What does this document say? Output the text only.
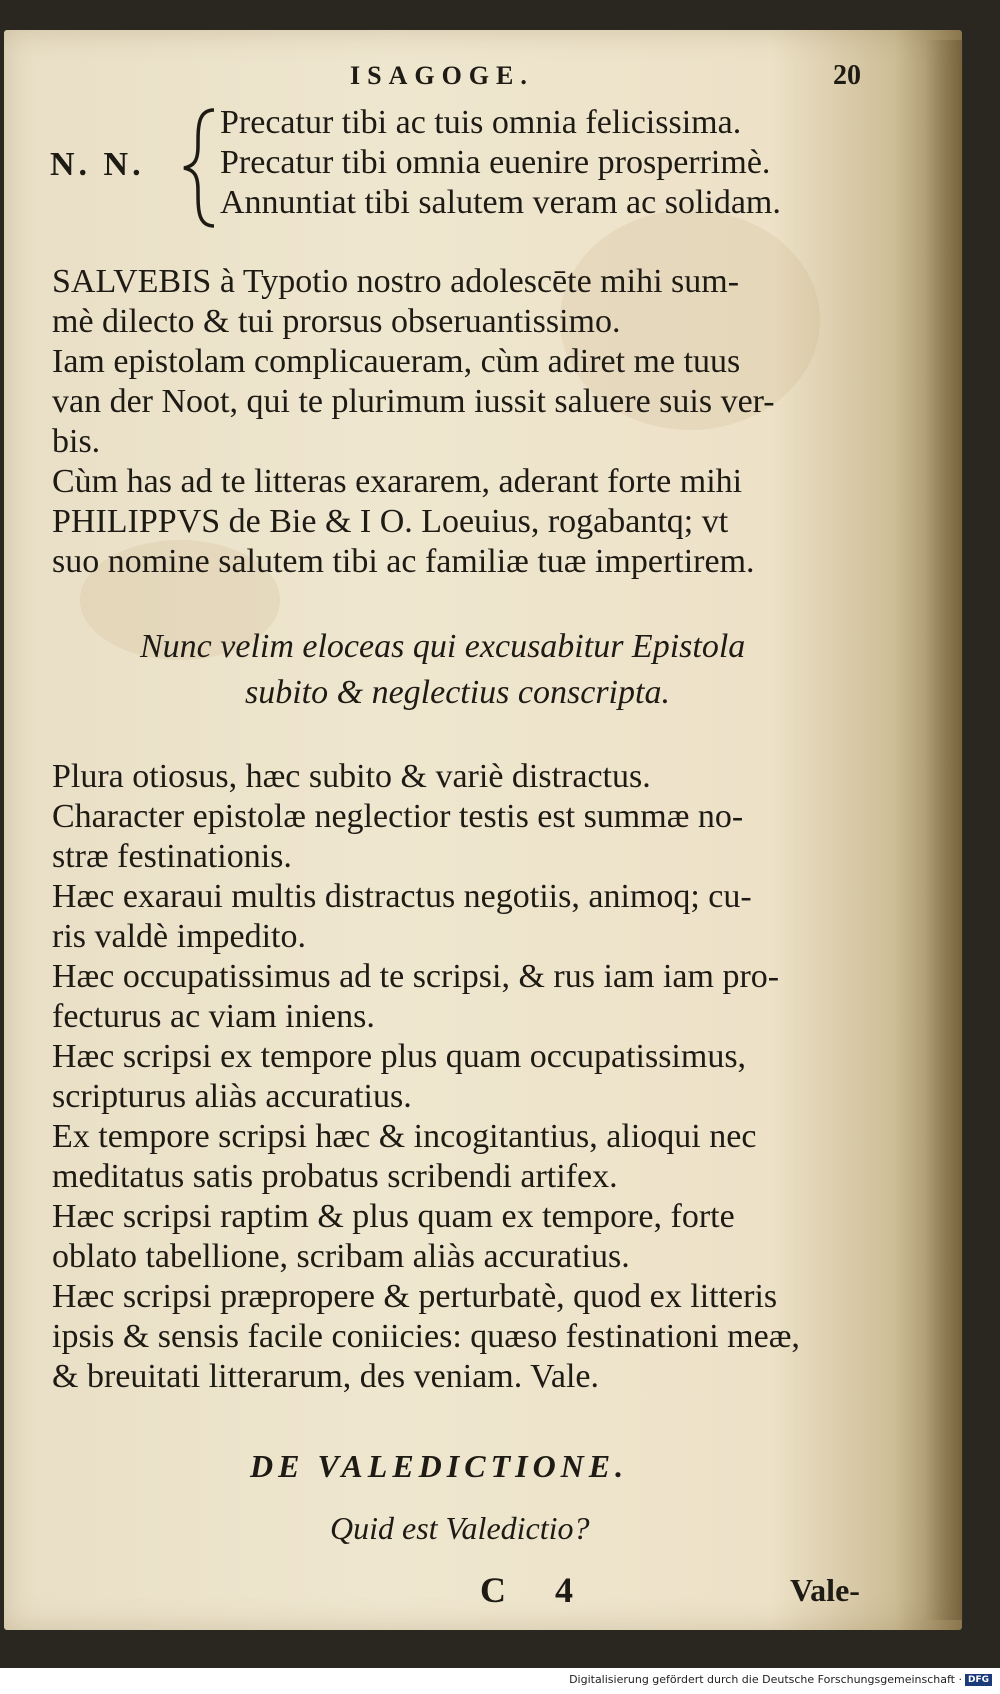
ISAGOGE.	20
N. N.
Precatur tibi ac tuis omnia felicissima.
Precatur tibi omnia euenire prosperrimè.
Annuntiat tibi salutem veram ac solidam.
SALVEBIS à Typotio nostro adolescēte mihi sum-
mè dilecto & tui prorsus obseruantissimo.
Iam epistolam complicaueram, cùm adiret me tuus
van der Noot, qui te plurimum iussit saluere suis ver-
bis.
Cùm has ad te litteras exararem, aderant forte mihi
PHILIPPVS de Bie & I O. Loeuius, rogabantq; vt
suo nomine salutem tibi ac familiæ tuæ impertirem.
Nunc velim eloceas qui excusabitur Epistola
subito & neglectius conscripta.
Plura otiosus, hæc subito & variè distractus.
Character epistolæ neglectior testis est summæ no-
stræ festinationis.
Hæc exaraui multis distractus negotiis, animoq; cu-
ris valdè impedito.
Hæc occupatissimus ad te scripsi, & rus iam iam pro-
fecturus ac viam iniens.
Hæc scripsi ex tempore plus quam occupatissimus,
scripturus aliàs accuratius.
Ex tempore scripsi hæc & incogitantius, alioqui nec
meditatus satis probatus scribendi artifex.
Hæc scripsi raptim & plus quam ex tempore, forte
oblato tabellione, scribam aliàs accuratius.
Hæc scripsi præpropere & perturbatè, quod ex litteris
ipsis & sensis facile coniicies: quæso festinationi meæ,
& breuitati litterarum, des veniam. Vale.
DE VALEDICTIONE.
Quid est Valedictio?
C 4	Vale-
Digitalisierung gefördert durch die Deutsche Forschungsgemeinschaft · DFG
